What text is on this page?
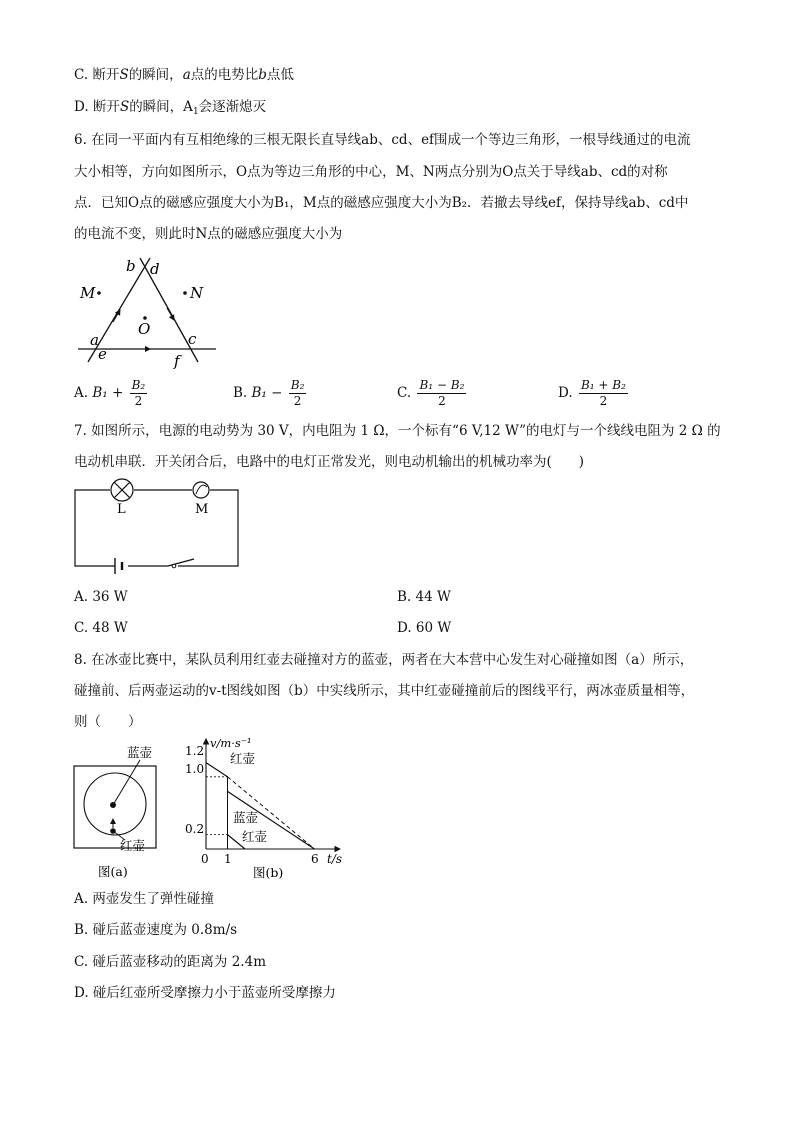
C. 断开S的瞬间，a点的电势比b点低
D. 断开S的瞬间，$A_1$会逐渐熄灭
6. 在同一平面内有互相绝缘的三根无限长直导线ab、cd、ef围成一个等边三角形，一根导线通过的电流
大小相等，方向如图所示，O点为等边三角形的中心，M、N两点分别为O点关于导线ab、cd的对称
点．已知O点的磁感应强度大小为B₁，M点的磁感应强度大小为B₂．若撤去导线ef，保持导线ab、cd中
的电流不变，则此时N点的磁感应强度大小为
b d
M	N
O
a	c
e	f
A. $B_1 + \frac{\text{B₂}}{2}$	B. $B_1 - \frac{\text{B₂}}{2}$	C. $\frac{\text{B₁ − B₂}}{2}$	D. $\frac{\text{B₁ + B₂}}{2}$
7. 如图所示，电源的电动势为 30 V，内电阻为 1 Ω，一个标有“6 V,12 W”的电灯与一个线线电阻为 2 Ω 的
电动机串联．开关闭合后，电路中的电灯正常发光，则电动机输出的机械功率为(　　)
L	M
A. 36 W	B. 44 W
C. 48 W	D. 60 W
8. 在冰壶比赛中，某队员利用红壶去碰撞对方的蓝壶，两者在大本营中心发生对心碰撞如图（a）所示，
碰撞前、后两壶运动的v-t图线如图（b）中实线所示，其中红壶碰撞前后的图线平行，两冰壶质量相等，
则（　　）
蓝壶
红壶
图(a)
v/m·s⁻¹
1.2
1.0
0.2
0 1	6 t/s
红壶
蓝壶
红壶
图(b)
A. 两壶发生了弹性碰撞
B. 碰后蓝壶速度为 0.8m/s
C. 碰后蓝壶移动的距离为 2.4m
D. 碰后红壶所受摩擦力小于蓝壶所受摩擦力
